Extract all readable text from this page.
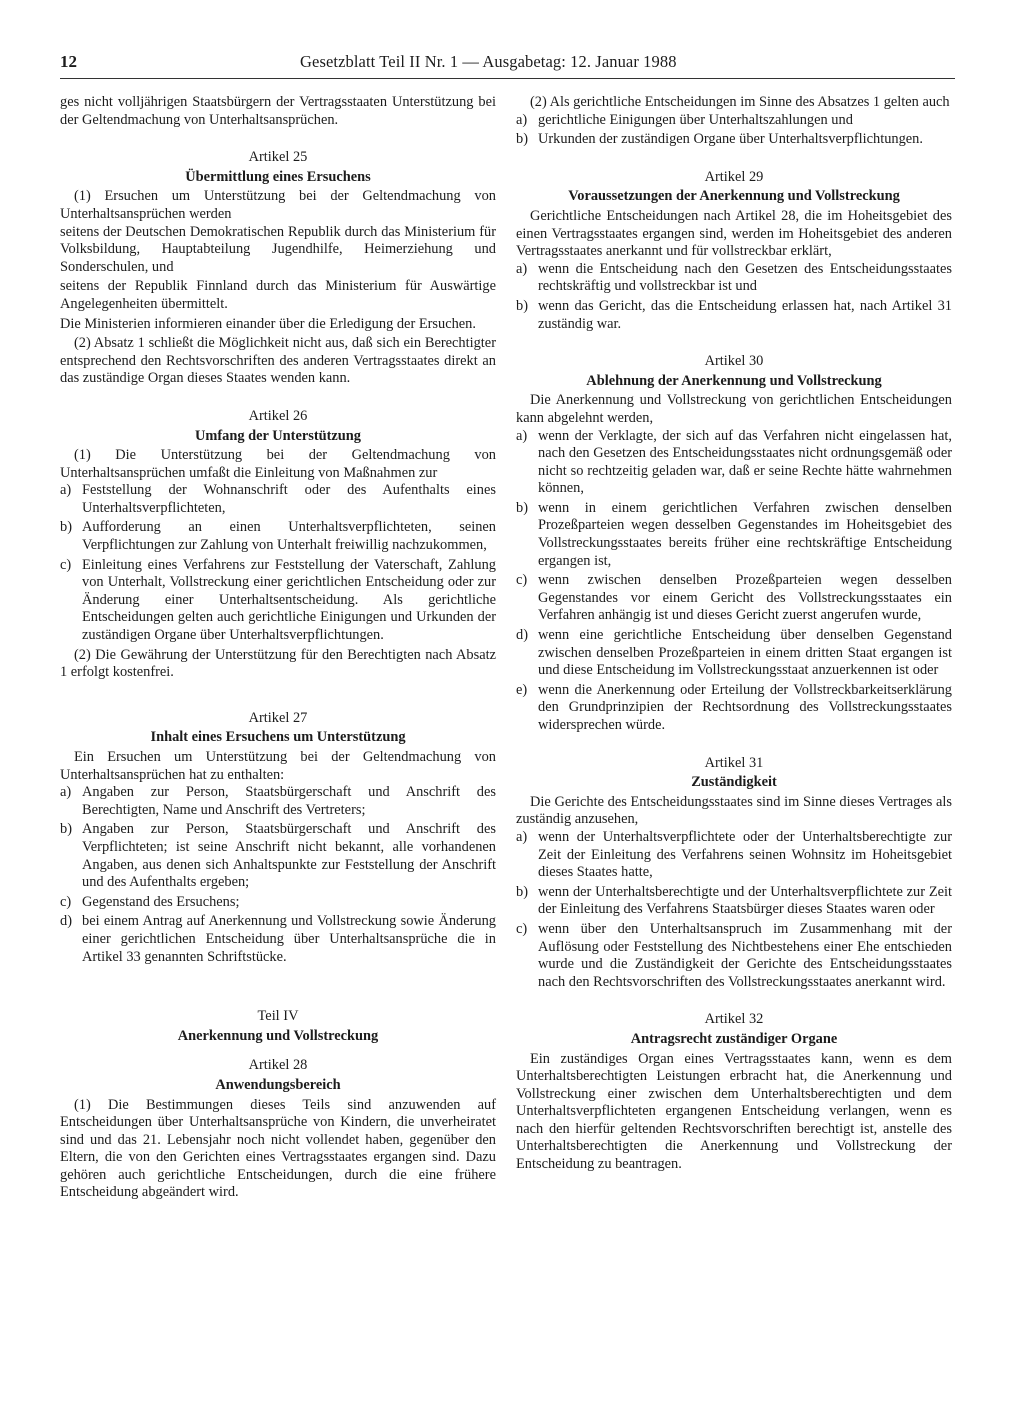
12	Gesetzblatt Teil II Nr. 1 — Ausgabetag: 12. Januar 1988

ges nicht volljährigen Staatsbürgern der Vertragsstaaten Unterstützung bei der Geltendmachung von Unterhaltsansprüchen.

Artikel 25

Übermittlung eines Ersuchens

(1) Ersuchen um Unterstützung bei der Geltendmachung von Unterhaltsansprüchen werden

seitens der Deutschen Demokratischen Republik durch das Ministerium für Volksbildung, Hauptabteilung Jugendhilfe, Heimerziehung und Sonderschulen, und

seitens der Republik Finnland durch das Ministerium für Auswärtige Angelegenheiten übermittelt.

Die Ministerien informieren einander über die Erledigung der Ersuchen.

(2) Absatz 1 schließt die Möglichkeit nicht aus, daß sich ein Berechtigter entsprechend den Rechtsvorschriften des anderen Vertragsstaates direkt an das zuständige Organ dieses Staates wenden kann.

Artikel 26

Umfang der Unterstützung

(1) Die Unterstützung bei der Geltendmachung von Unterhaltsansprüchen umfaßt die Einleitung von Maßnahmen zur

a) Feststellung der Wohnanschrift oder des Aufenthalts eines Unterhaltsverpflichteten,
b) Aufforderung an einen Unterhaltsverpflichteten, seinen Verpflichtungen zur Zahlung von Unterhalt freiwillig nachzukommen,
c) Einleitung eines Verfahrens zur Feststellung der Vaterschaft, Zahlung von Unterhalt, Vollstreckung einer gerichtlichen Entscheidung oder zur Änderung einer Unterhaltsentscheidung. Als gerichtliche Entscheidungen gelten auch gerichtliche Einigungen und Urkunden der zuständigen Organe über Unterhaltsverpflichtungen.

(2) Die Gewährung der Unterstützung für den Berechtigten nach Absatz 1 erfolgt kostenfrei.

Artikel 27

Inhalt eines Ersuchens um Unterstützung

Ein Ersuchen um Unterstützung bei der Geltendmachung von Unterhaltsansprüchen hat zu enthalten:

a) Angaben zur Person, Staatsbürgerschaft und Anschrift des Berechtigten, Name und Anschrift des Vertreters;
b) Angaben zur Person, Staatsbürgerschaft und Anschrift des Verpflichteten; ist seine Anschrift nicht bekannt, alle vorhandenen Angaben, aus denen sich Anhaltspunkte zur Feststellung der Anschrift und des Aufenthalts ergeben;
c) Gegenstand des Ersuchens;
d) bei einem Antrag auf Anerkennung und Vollstreckung sowie Änderung einer gerichtlichen Entscheidung über Unterhaltsansprüche die in Artikel 33 genannten Schriftstücke.

Teil IV

Anerkennung und Vollstreckung

Artikel 28

Anwendungsbereich

(1) Die Bestimmungen dieses Teils sind anzuwenden auf Entscheidungen über Unterhaltsansprüche von Kindern, die unverheiratet sind und das 21. Lebensjahr noch nicht vollendet haben, gegenüber den Eltern, die von den Gerichten eines Vertragsstaates ergangen sind. Dazu gehören auch gerichtliche Entscheidungen, durch die eine frühere Entscheidung abgeändert wird.

(2) Als gerichtliche Entscheidungen im Sinne des Absatzes 1 gelten auch

a) gerichtliche Einigungen über Unterhaltszahlungen und
b) Urkunden der zuständigen Organe über Unterhaltsverpflichtungen.

Artikel 29

Voraussetzungen der Anerkennung und Vollstreckung

Gerichtliche Entscheidungen nach Artikel 28, die im Hoheitsgebiet des einen Vertragsstaates ergangen sind, werden im Hoheitsgebiet des anderen Vertragsstaates anerkannt und für vollstreckbar erklärt,

a) wenn die Entscheidung nach den Gesetzen des Entscheidungsstaates rechtskräftig und vollstreckbar ist und
b) wenn das Gericht, das die Entscheidung erlassen hat, nach Artikel 31 zuständig war.

Artikel 30

Ablehnung der Anerkennung und Vollstreckung

Die Anerkennung und Vollstreckung von gerichtlichen Entscheidungen kann abgelehnt werden,

a) wenn der Verklagte, der sich auf das Verfahren nicht eingelassen hat, nach den Gesetzen des Entscheidungsstaates nicht ordnungsgemäß oder nicht so rechtzeitig geladen war, daß er seine Rechte hätte wahrnehmen können,
b) wenn in einem gerichtlichen Verfahren zwischen denselben Prozeßparteien wegen desselben Gegenstandes im Hoheitsgebiet des Vollstreckungsstaates bereits früher eine rechtskräftige Entscheidung ergangen ist,
c) wenn zwischen denselben Prozeßparteien wegen desselben Gegenstandes vor einem Gericht des Vollstreckungsstaates ein Verfahren anhängig ist und dieses Gericht zuerst angerufen wurde,
d) wenn eine gerichtliche Entscheidung über denselben Gegenstand zwischen denselben Prozeßparteien in einem dritten Staat ergangen ist und diese Entscheidung im Vollstreckungsstaat anzuerkennen ist oder
e) wenn die Anerkennung oder Erteilung der Vollstreckbarkeitserklärung den Grundprinzipien der Rechtsordnung des Vollstreckungsstaates widersprechen würde.

Artikel 31

Zuständigkeit

Die Gerichte des Entscheidungsstaates sind im Sinne dieses Vertrages als zuständig anzusehen,

a) wenn der Unterhaltsverpflichtete oder der Unterhaltsberechtigte zur Zeit der Einleitung des Verfahrens seinen Wohnsitz im Hoheitsgebiet dieses Staates hatte,
b) wenn der Unterhaltsberechtigte und der Unterhaltsverpflichtete zur Zeit der Einleitung des Verfahrens Staatsbürger dieses Staates waren oder
c) wenn über den Unterhaltsanspruch im Zusammenhang mit der Auflösung oder Feststellung des Nichtbestehens einer Ehe entschieden wurde und die Zuständigkeit der Gerichte des Entscheidungsstaates nach den Rechtsvorschriften des Vollstreckungsstaates anerkannt wird.

Artikel 32

Antragsrecht zuständiger Organe

Ein zuständiges Organ eines Vertragsstaates kann, wenn es dem Unterhaltsberechtigten Leistungen erbracht hat, die Anerkennung und Vollstreckung einer zwischen dem Unterhaltsberechtigten und dem Unterhaltsverpflichteten ergangenen Entscheidung verlangen, wenn es nach den hierfür geltenden Rechtsvorschriften berechtigt ist, anstelle des Unterhaltsberechtigten die Anerkennung und Vollstreckung der Entscheidung zu beantragen.
